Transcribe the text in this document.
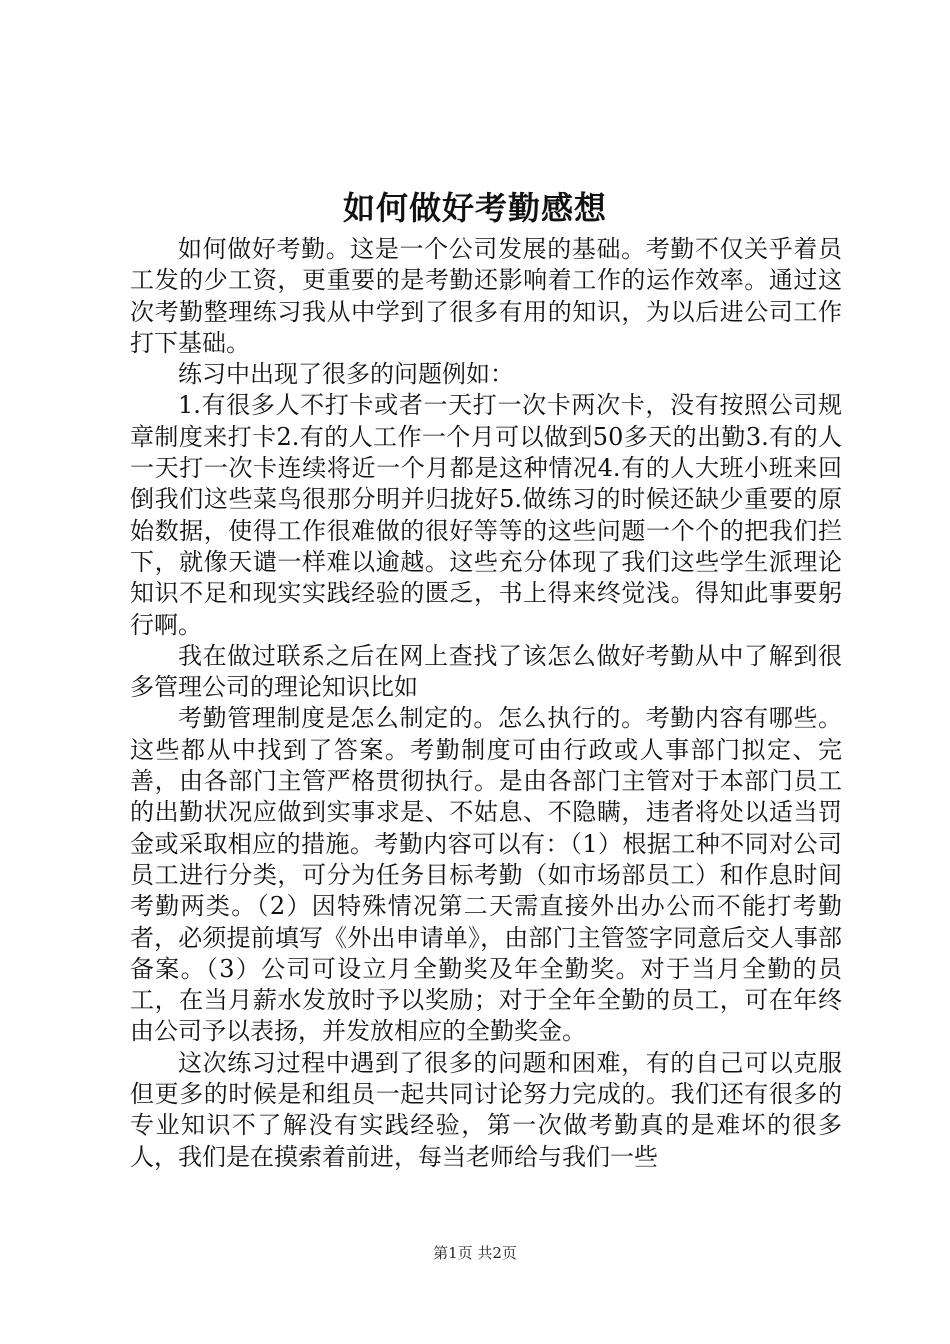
如何做好考勤感想

如何做好考勤。这是一个公司发展的基础。考勤不仅关乎着员工发的少工资，更重要的是考勤还影响着工作的运作效率。通过这次考勤整理练习我从中学到了很多有用的知识，为以后进公司工作打下基础。

练习中出现了很多的问题例如：

1.有很多人不打卡或者一天打一次卡两次卡，没有按照公司规章制度来打卡2.有的人工作一个月可以做到50多天的出勤3.有的人一天打一次卡连续将近一个月都是这种情况4.有的人大班小班来回倒我们这些菜鸟很那分明并归拢好5.做练习的时候还缺少重要的原始数据，使得工作很难做的很好等等的这些问题一个个的把我们拦下，就像天谴一样难以逾越。这些充分体现了我们这些学生派理论知识不足和现实实践经验的匮乏，书上得来终觉浅。得知此事要躬行啊。

我在做过联系之后在网上查找了该怎么做好考勤从中了解到很多管理公司的理论知识比如

考勤管理制度是怎么制定的。怎么执行的。考勤内容有哪些。这些都从中找到了答案。考勤制度可由行政或人事部门拟定、完善，由各部门主管严格贯彻执行。是由各部门主管对于本部门员工的出勤状况应做到实事求是、不姑息、不隐瞒，违者将处以适当罚金或采取相应的措施。考勤内容可以有：（1）根据工种不同对公司员工进行分类，可分为任务目标考勤（如市场部员工）和作息时间考勤两类。（2）因特殊情况第二天需直接外出办公而不能打考勤者，必须提前填写《外出申请单》，由部门主管签字同意后交人事部备案。（3）公司可设立月全勤奖及年全勤奖。对于当月全勤的员工，在当月薪水发放时予以奖励；对于全年全勤的员工，可在年终由公司予以表扬，并发放相应的全勤奖金。

这次练习过程中遇到了很多的问题和困难，有的自己可以克服但更多的时候是和组员一起共同讨论努力完成的。我们还有很多的专业知识不了解没有实践经验，第一次做考勤真的是难坏的很多人，我们是在摸索着前进，每当老师给与我们一些

第1页 共2页
